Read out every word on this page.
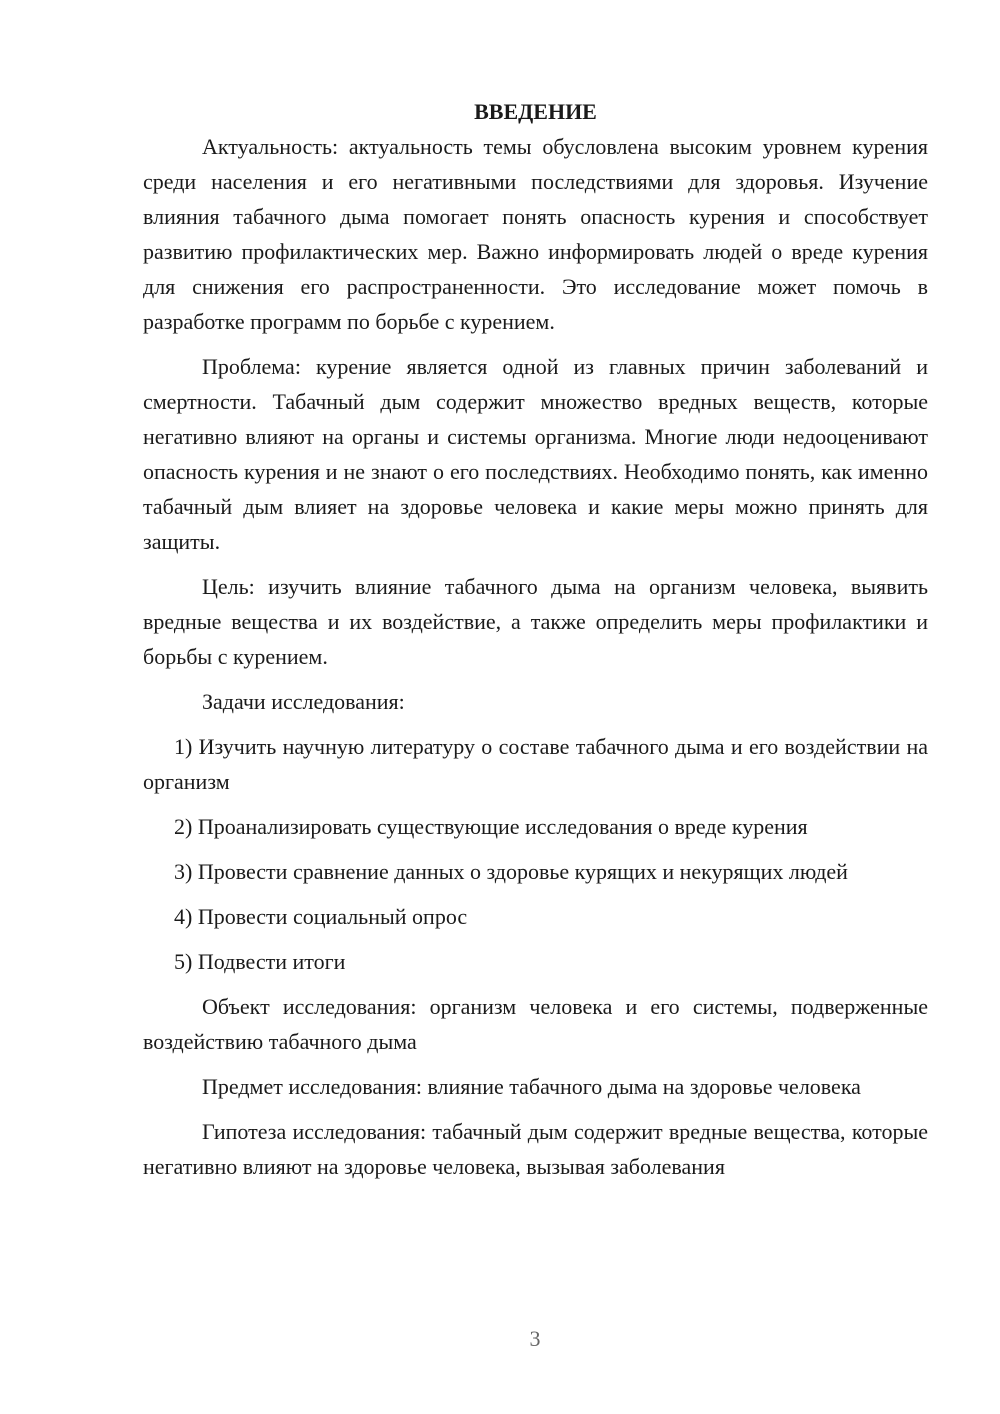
ВВЕДЕНИЕ

Актуальность: актуальность темы обусловлена высоким уровнем курения среди населения и его негативными последствиями для здоровья. Изучение влияния табачного дыма помогает понять опасность курения и способствует развитию профилактических мер. Важно информировать людей о вреде курения для снижения его распространенности. Это исследование может помочь в разработке программ по борьбе с курением.

Проблема: курение является одной из главных причин заболеваний и смертности. Табачный дым содержит множество вредных веществ, которые негативно влияют на органы и системы организма. Многие люди недооценивают опасность курения и не знают о его последствиях. Необходимо понять, как именно табачный дым влияет на здоровье человека и какие меры можно принять для защиты.

Цель: изучить влияние табачного дыма на организм человека, выявить вредные вещества и их воздействие, а также определить меры профилактики и борьбы с курением.

Задачи исследования:

1) Изучить научную литературу о составе табачного дыма и его воздействии на организм

2) Проанализировать существующие исследования о вреде курения

3) Провести сравнение данных о здоровье курящих и некурящих людей

4) Провести социальный опрос

5) Подвести итоги

Объект исследования: организм человека и его системы, подверженные воздействию табачного дыма

Предмет исследования: влияние табачного дыма на здоровье человека

Гипотеза исследования: табачный дым содержит вредные вещества, которые негативно влияют на здоровье человека, вызывая заболевания

3
